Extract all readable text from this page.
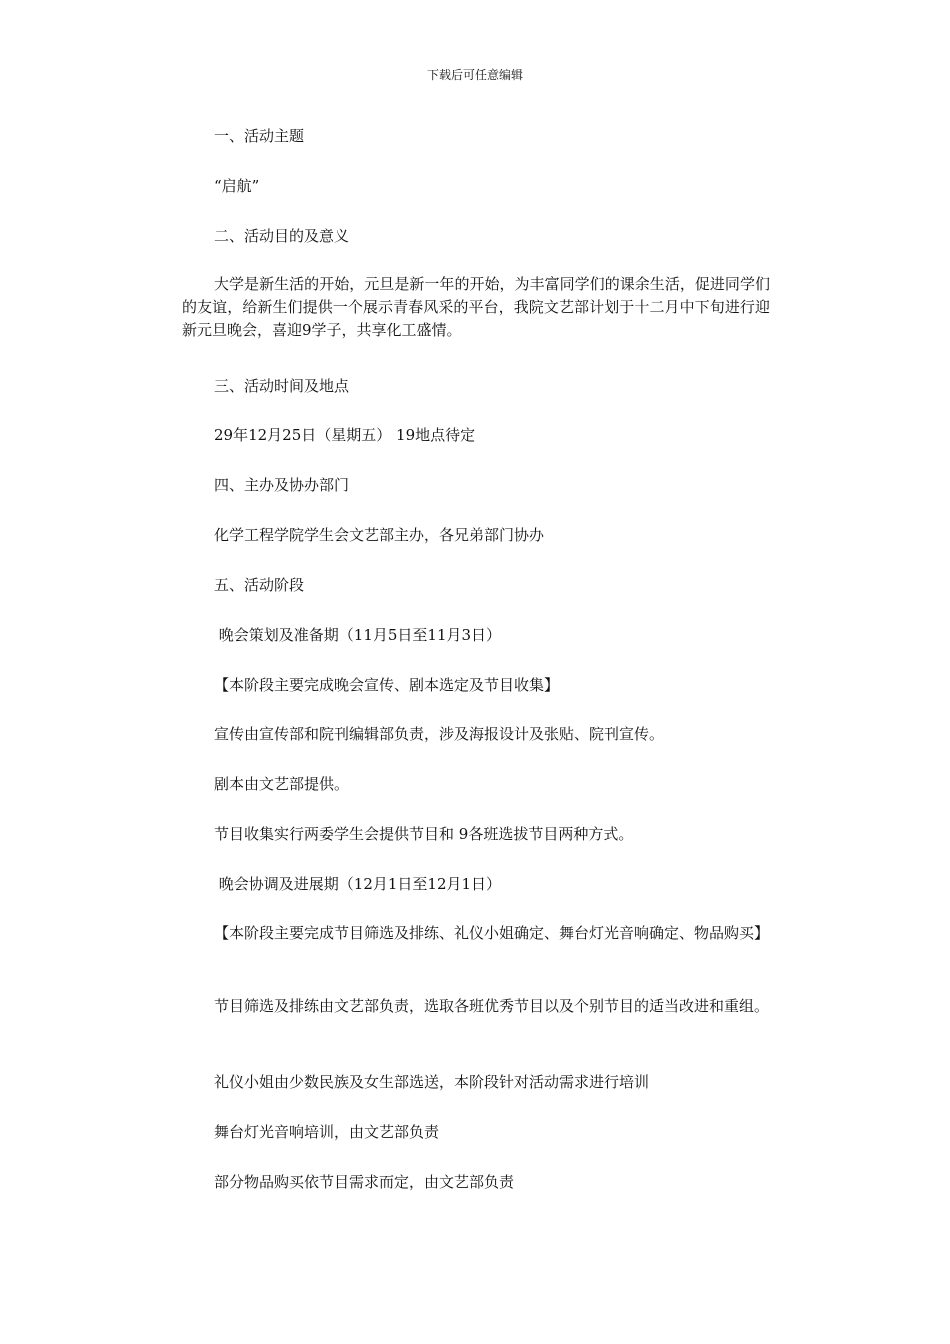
下载后可任意编辑

一、活动主题

“启航”

二、活动目的及意义

大学是新生活的开始，元旦是新一年的开始，为丰富同学们的课余生活，促进同学们的友谊，给新生们提供一个展示青春风采的平台，我院文艺部计划于十二月中下旬进行迎新元旦晚会，喜迎9学子，共享化工盛情。

三、活动时间及地点

29年12月25日（星期五） 19地点待定

四、主办及协办部门

化学工程学院学生会文艺部主办，各兄弟部门协办

五、活动阶段

晚会策划及准备期（11月5日至11月3日）

【本阶段主要完成晚会宣传、剧本选定及节目收集】

宣传由宣传部和院刊编辑部负责，涉及海报设计及张贴、院刊宣传。

剧本由文艺部提供。

节目收集实行两委学生会提供节目和 9各班选拔节目两种方式。

晚会协调及进展期（12月1日至12月1日）

【本阶段主要完成节目筛选及排练、礼仪小姐确定、舞台灯光音响确定、物品购买】

节目筛选及排练由文艺部负责，选取各班优秀节目以及个别节目的适当改进和重组。

礼仪小姐由少数民族及女生部选送，本阶段针对活动需求进行培训

舞台灯光音响培训，由文艺部负责

部分物品购买依节目需求而定，由文艺部负责
